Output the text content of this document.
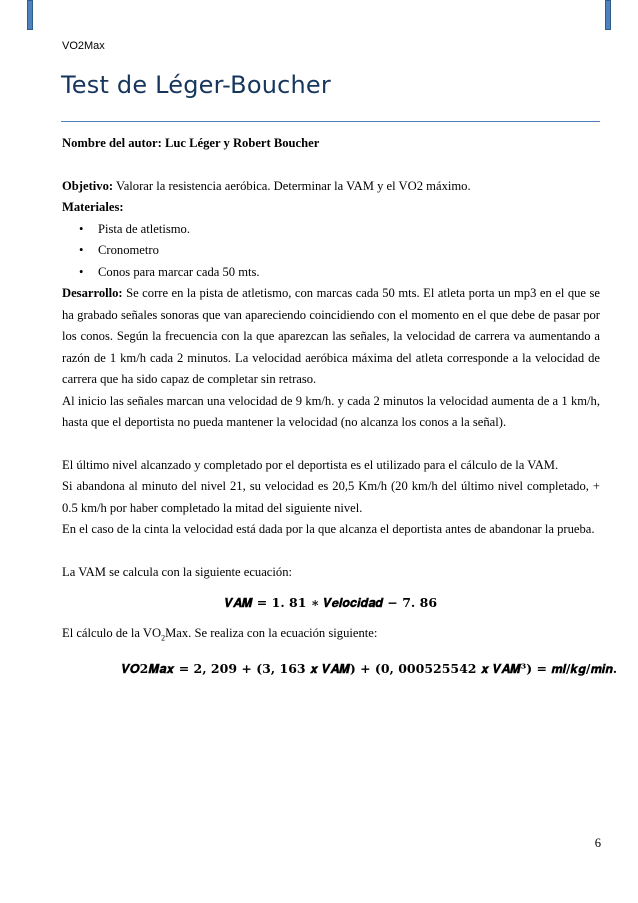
VO2Max
Test de Léger-Boucher

Nombre del autor: Luc Léger y Robert Boucher

Objetivo: Valorar la resistencia aeróbica. Determinar la VAM y el VO2 máximo.

Materiales:

• Pista de atletismo.
• Cronometro
• Conos para marcar cada 50 mts.

Desarrollo: Se corre en la pista de atletismo, con marcas cada 50 mts. El atleta porta un mp3 en el que se ha grabado señales sonoras que van apareciendo coincidiendo con el momento en el que debe de pasar por los conos. Según la frecuencia con la que aparezcan las señales, la velocidad de carrera va aumentando a razón de 1 km/h cada 2 minutos. La velocidad aeróbica máxima del atleta corresponde a la velocidad de carrera que ha sido capaz de completar sin retraso.

Al inicio las señales marcan una velocidad de 9 km/h. y cada 2 minutos la velocidad aumenta de a 1 km/h, hasta que el deportista no pueda mantener la velocidad (no alcanza los conos a la señal).

El último nivel alcanzado y completado por el deportista es el utilizado para el cálculo de la VAM.

Si abandona al minuto del nivel 21, su velocidad es 20,5 Km/h (20 km/h del último nivel completado, + 0.5 km/h por haber completado la mitad del siguiente nivel.

En el caso de la cinta la velocidad está dada por la que alcanza el deportista antes de abandonar la prueba.

La VAM se calcula con la siguiente ecuación:

𝑽𝑨𝑴 = 𝟏. 𝟖𝟏 ∗ 𝑽𝒆𝒍𝒐𝒄𝒊𝒅𝒂𝒅 − 𝟕. 𝟖𝟔

El cálculo de la $VO_2Max$. Se realiza con la ecuación siguiente:

𝑽𝑶𝟐𝑴𝒂𝒙 = 𝟐, 𝟐𝟎𝟗 + (𝟑, 𝟏𝟔𝟑 𝒙 𝑽𝑨𝑴) + (𝟎, 𝟎𝟎𝟎𝟓𝟐𝟓𝟓𝟒𝟐 𝒙 𝑽𝑨𝑴³) = 𝒎𝒍/𝒌𝒈/𝒎𝒊𝒏.

6
